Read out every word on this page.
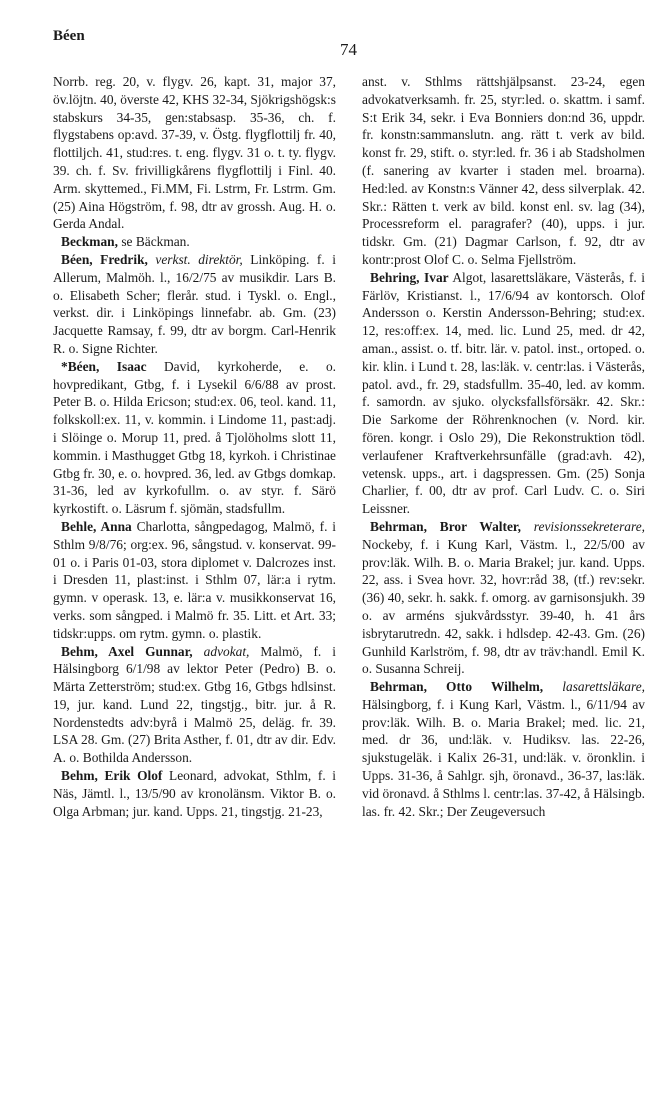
Béen
74

Norrb. reg. 20, v. flygv. 26, kapt. 31, major 37, öv.löjtn. 40, överste 42, KHS 32-34, Sjökrigshögsk:s stabskurs 34-35, gen:stabsasp. 35-36, ch. f. flygstabens op:avd. 37-39, v. Östg. flygflottilj fr. 40, flottiljch. 41, stud:res. t. eng. flygv. 31 o. t. ty. flygv. 39. ch. f. Sv. frivilligkårens flygflottilj i Finl. 40. Arm. skyttemed., Fi.MM, Fi. Lstrm, Fr. Lstrm. Gm. (25) Aina Högström, f. 98, dtr av grossh. Aug. H. o. Gerda Andal.

Beckman, se Bäckman.

Béen, Fredrik, verkst. direktör, Linköping. f. i Allerum, Malmöh. l., 16/2/75 av musikdir. Lars B. o. Elisabeth Scher; flerår. stud. i Tyskl. o. Engl., verkst. dir. i Linköpings linnefabr. ab. Gm. (23) Jacquette Ramsay, f. 99, dtr av borgm. Carl-Henrik R. o. Signe Richter.

*Béen, Isaac David, kyrkoherde, e. o. hovpredikant, Gtbg, f. i Lysekil 6/6/88 av prost. Peter B. o. Hilda Ericson; stud:ex. 06, teol. kand. 11, folkskoll:ex. 11, v. kommin. i Lindome 11, past:adj. i Slöinge o. Morup 11, pred. å Tjolöholms slott 11, kommin. i Masthugget Gtbg 18, kyrkoh. i Christinae Gtbg fr. 30, e. o. hovpred. 36, led. av Gtbgs domkap. 31-36, led av kyrkofullm. o. av styr. f. Särö kyrkostift. o. Läsrum f. sjömän, stadsfullm.

Behle, Anna Charlotta, sångpedagog, Malmö, f. i Sthlm 9/8/76; org:ex. 96, sångstud. v. konservat. 99-01 o. i Paris 01-03, stora diplomet v. Dalcrozes inst. i Dresden 11, plast:inst. i Sthlm 07, lär:a i rytm. gymn. v operask. 13, e. lär:a v. musikkonservat 16, verks. som sångped. i Malmö fr. 35. Litt. et Art. 33; tidskr:upps. om rytm. gymn. o. plastik.

Behm, Axel Gunnar, advokat, Malmö, f. i Hälsingborg 6/1/98 av lektor Peter (Pedro) B. o. Märta Zetterström; stud:ex. Gtbg 16, Gtbgs hdlsinst. 19, jur. kand. Lund 22, tingstjg., bitr. jur. å R. Nordenstedts adv:byrå i Malmö 25, deläg. fr. 39. LSA 28. Gm. (27) Brita Asther, f. 01, dtr av dir. Edv. A. o. Bothilda Andersson.

Behm, Erik Olof Leonard, advokat, Sthlm, f. i Näs, Jämtl. l., 13/5/90 av kronolänsm. Viktor B. o. Olga Arbman; jur. kand. Upps. 21, tingstjg. 21-23,

anst. v. Sthlms rättshjälpsanst. 23-24, egen advokatverksamh. fr. 25, styr:led. o. skattm. i samf. S:t Erik 34, sekr. i Eva Bonniers don:nd 36, uppdr. fr. konstn:sammanslutn. ang. rätt t. verk av bild. konst fr. 29, stift. o. styr:led. fr. 36 i ab Stadsholmen (f. sanering av kvarter i staden mel. broarna). Hed:led. av Konstn:s Vänner 42, dess silverplak. 42. Skr.: Rätten t. verk av bild. konst enl. sv. lag (34), Processreform el. paragrafer? (40), upps. i jur. tidskr. Gm. (21) Dagmar Carlson, f. 92, dtr av kontr:prost Olof C. o. Selma Fjellström.

Behring, Ivar Algot, lasarettsläkare, Västerås, f. i Färlöv, Kristianst. l., 17/6/94 av kontorsch. Olof Andersson o. Kerstin Andersson-Behring; stud:ex. 12, res:off:ex. 14, med. lic. Lund 25, med. dr 42, aman., assist. o. tf. bitr. lär. v. patol. inst., ortoped. o. kir. klin. i Lund t. 28, las:läk. v. centr:las. i Västerås, patol. avd., fr. 29, stadsfullm. 35-40, led. av komm. f. samordn. av sjuko. olycksfallsförsäkr. 42. Skr.: Die Sarkome der Röhrenknochen (v. Nord. kir. fören. kongr. i Oslo 29), Die Rekonstruktion tödl. verlaufener Kraftverkehrsunfälle (grad:avh. 42), vetensk. upps., art. i dagspressen. Gm. (25) Sonja Charlier, f. 00, dtr av prof. Carl Ludv. C. o. Siri Leissner.

Behrman, Bror Walter, revisionssekreterare, Nockeby, f. i Kung Karl, Västm. l., 22/5/00 av prov:läk. Wilh. B. o. Maria Brakel; jur. kand. Upps. 22, ass. i Svea hovr. 32, hovr:råd 38, (tf.) rev:sekr. (36) 40, sekr. h. sakk. f. omorg. av garnisonsjukh. 39 o. av arméns sjukvårdsstyr. 39-40, h. 41 års isbrytarutredn. 42, sakk. i hdlsdep. 42-43. Gm. (26) Gunhild Karlström, f. 98, dtr av träv:handl. Emil K. o. Susanna Schreij.

Behrman, Otto Wilhelm, lasarettsläkare, Hälsingborg, f. i Kung Karl, Västm. l., 6/11/94 av prov:läk. Wilh. B. o. Maria Brakel; med. lic. 21, med. dr 36, und:läk. v. Hudiksv. las. 22-26, sjukstugeläk. i Kalix 26-31, und:läk. v. öronklin. i Upps. 31-36, å Sahlgr. sjh, öronavd., 36-37, las:läk. vid öronavd. å Sthlms l. centr:las. 37-42, å Hälsingb. las. fr. 42. Skr.; Der Zeugeversuch
